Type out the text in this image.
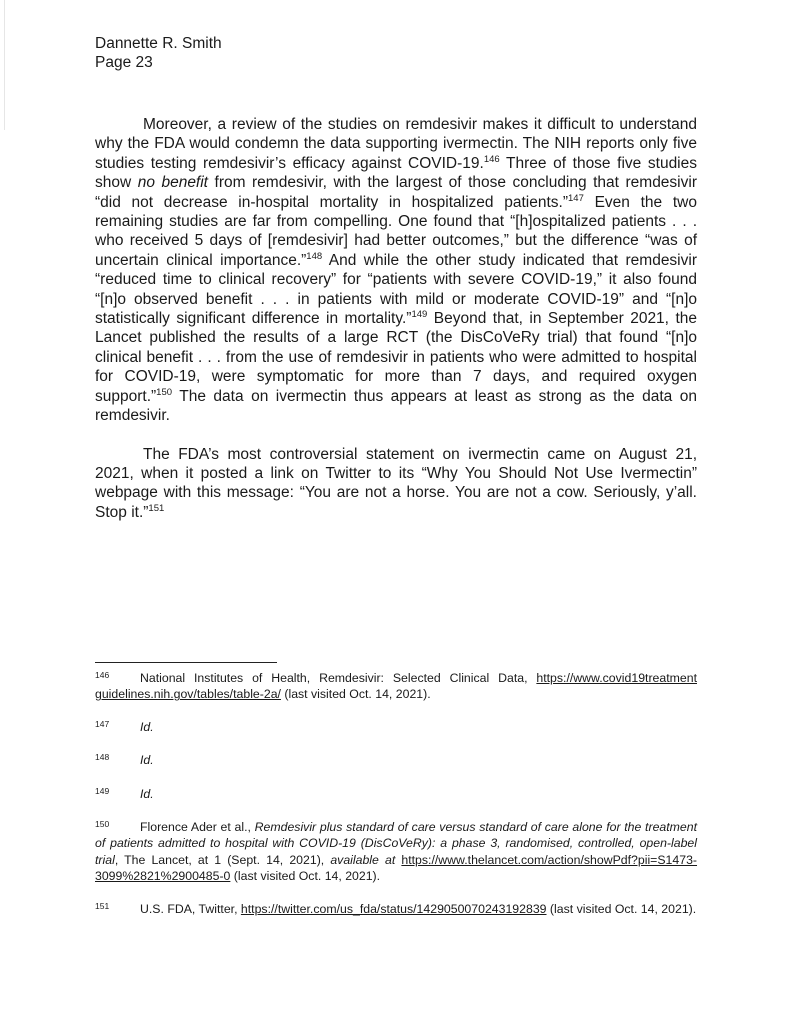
Dannette R. Smith
Page 23

Moreover, a review of the studies on remdesivir makes it difficult to understand why the FDA would condemn the data supporting ivermectin. The NIH reports only five studies testing remdesivir’s efficacy against COVID-19.$^{146}$ Three of those five studies show no benefit from remdesivir, with the largest of those concluding that remdesivir “did not decrease in-hospital mortality in hospitalized patients.”$^{147}$ Even the two remaining studies are far from compelling. One found that “[h]ospitalized patients . . . who received 5 days of [remdesivir] had better outcomes,” but the difference “was of uncertain clinical importance.”$^{148}$ And while the other study indicated that remdesivir “reduced time to clinical recovery” for “patients with severe COVID-19,” it also found “[n]o observed benefit . . . in patients with mild or moderate COVID-19” and “[n]o statistically significant difference in mortality.”$^{149}$ Beyond that, in September 2021, the Lancet published the results of a large RCT (the DisCoVeRy trial) that found “[n]o clinical benefit . . . from the use of remdesivir in patients who were admitted to hospital for COVID-19, were symptomatic for more than 7 days, and required oxygen support.”$^{150}$ The data on ivermectin thus appears at least as strong as the data on remdesivir.

The FDA’s most controversial statement on ivermectin came on August 21, 2021, when it posted a link on Twitter to its “Why You Should Not Use Ivermectin” webpage with this message: “You are not a horse. You are not a cow. Seriously, y’all. Stop it.”$^{151}$

146	National Institutes of Health, Remdesivir: Selected Clinical Data, https://www.covid19treatment​guidelines.nih.gov/tables/table-2a/ (last visited Oct. 14, 2021).

147	Id.

148	Id.

149	Id.

150	Florence Ader et al., Remdesivir plus standard of care versus standard of care alone for the treatment of patients admitted to hospital with COVID-19 (DisCoVeRy): a phase 3, randomised, controlled, open-label trial, The Lancet, at 1 (Sept. 14, 2021), available at https://www.thelancet.com/action/​showPdf?pii=S1473-3099%2821%2900485-0 (last visited Oct. 14, 2021).

151	U.S. FDA, Twitter, https://twitter.com/us_fda/status/1429050070243192839 (last visited Oct. 14, 2021).
